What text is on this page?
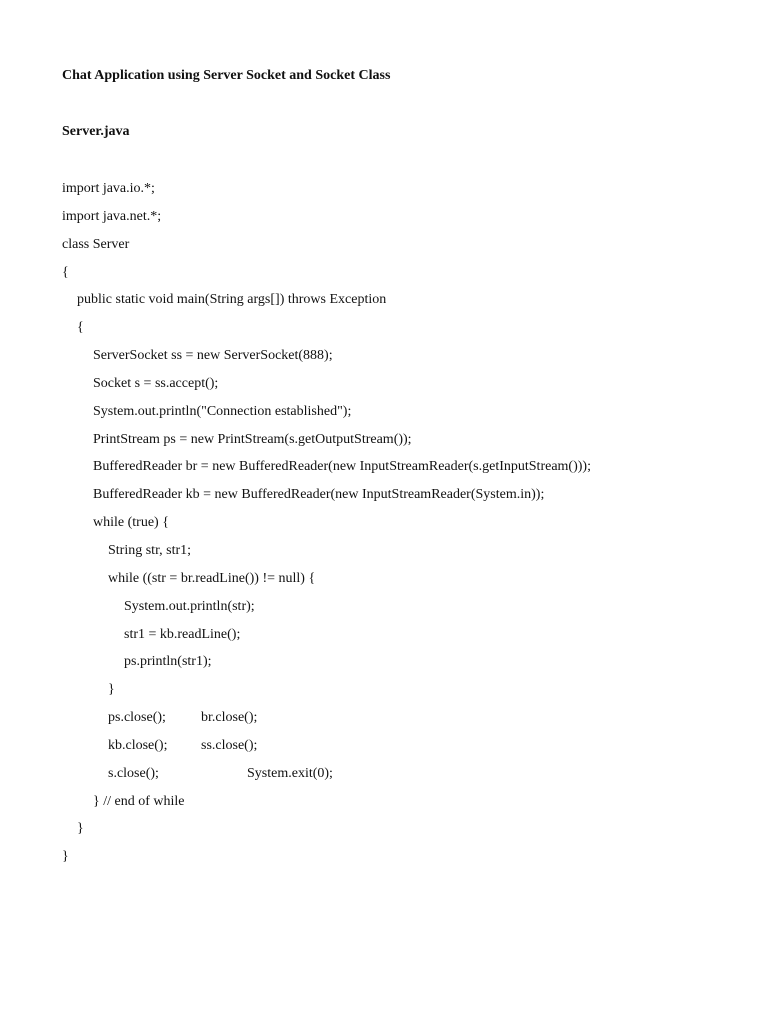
Chat Application using Server Socket and Socket Class
Server.java
import java.io.*;
import java.net.*;
class Server
{
public static void main(String args[]) throws Exception
{
ServerSocket ss = new ServerSocket(888);
Socket s = ss.accept();
System.out.println("Connection established");
PrintStream ps = new PrintStream(s.getOutputStream());
BufferedReader br = new BufferedReader(new InputStreamReader(s.getInputStream()));
BufferedReader kb = new BufferedReader(new InputStreamReader(System.in));
while (true) {
String str, str1;
while ((str = br.readLine()) != null) {
System.out.println(str);
str1 = kb.readLine();
ps.println(str1);
}
ps.close();	br.close();
kb.close(); ss.close();
s.close();	System.exit(0);
} // end of while
}
}
